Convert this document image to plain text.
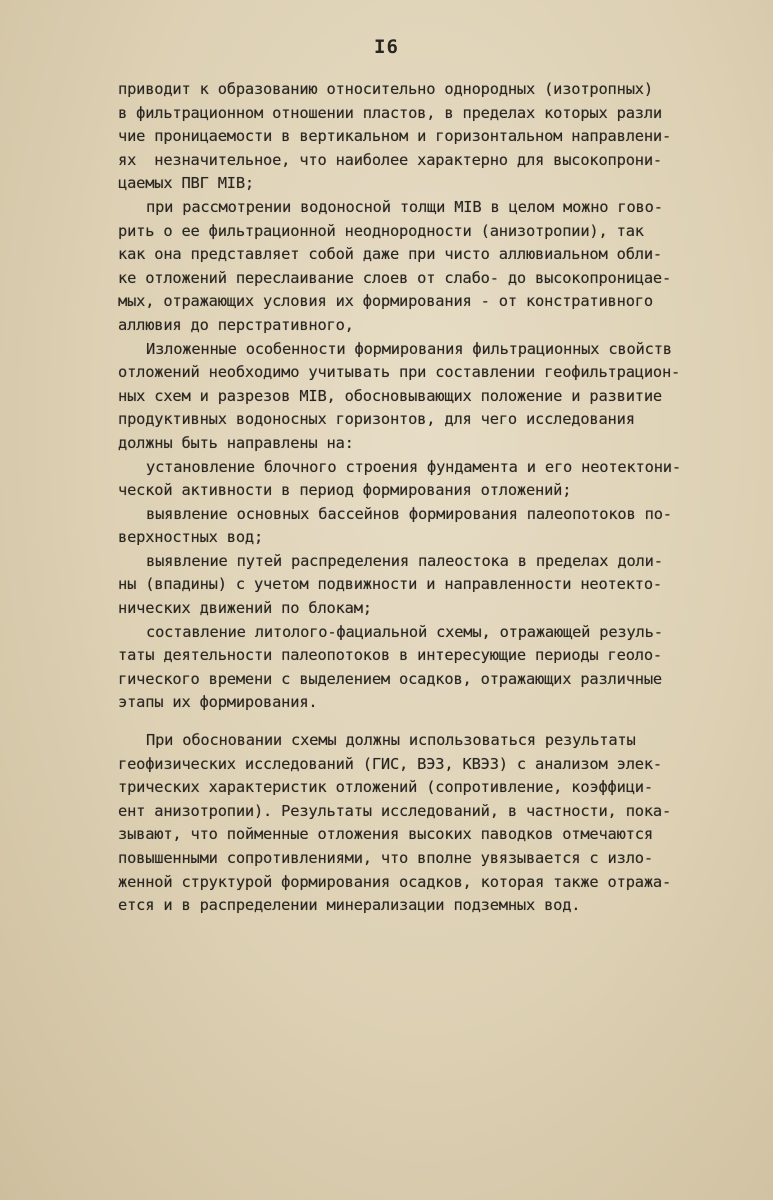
I6
приводит к образованию относительно однородных (изотропных)
в фильтрационном отношении пластов, в пределах которых разли
чие проницаемости в вертикальном и горизонтальном направлени-
ях  незначительное, что наиболее характерно для высокопрони-
цаемых ПВГ МIВ;
при рассмотрении водоносной толщи МIВ в целом можно гово-
рить о ее фильтрационной неоднородности (анизотропии), так
как она представляет собой даже при чисто аллювиальном обли-
ке отложений переслаивание слоев от слабо- до высокопроницае-
мых, отражающих условия их формирования - от констративного
аллювия до перстративного,
Изложенные особенности формирования фильтрационных свойств
отложений необходимо учитывать при составлении геофильтрацион-
ных схем и разрезов МIВ, обосновывающих положение и развитие
продуктивных водоносных горизонтов, для чего исследования
должны быть направлены на:
установление блочного строения фундамента и его неотектони-
ческой активности в период формирования отложений;
выявление основных бассейнов формирования палеопотоков по-
верхностных вод;
выявление путей распределения палеостока в пределах доли-
ны (впадины) с учетом подвижности и направленности неотекто-
нических движений по блокам;
составление литолого-фациальной схемы, отражающей резуль-
таты деятельности палеопотоков в интересующие периоды геоло-
гического времени с выделением осадков, отражающих различные
этапы их формирования.
При обосновании схемы должны использоваться результаты
геофизических исследований (ГИС, ВЭЗ, КВЭЗ) с анализом элек-
трических характеристик отложений (сопротивление, коэффици-
ент анизотропии). Результаты исследований, в частности, пока-
зывают, что пойменные отложения высоких паводков отмечаются
повышенными сопротивлениями, что вполне увязывается с изло-
женной структурой формирования осадков, которая также отража-
ется и в распределении минерализации подземных вод.
